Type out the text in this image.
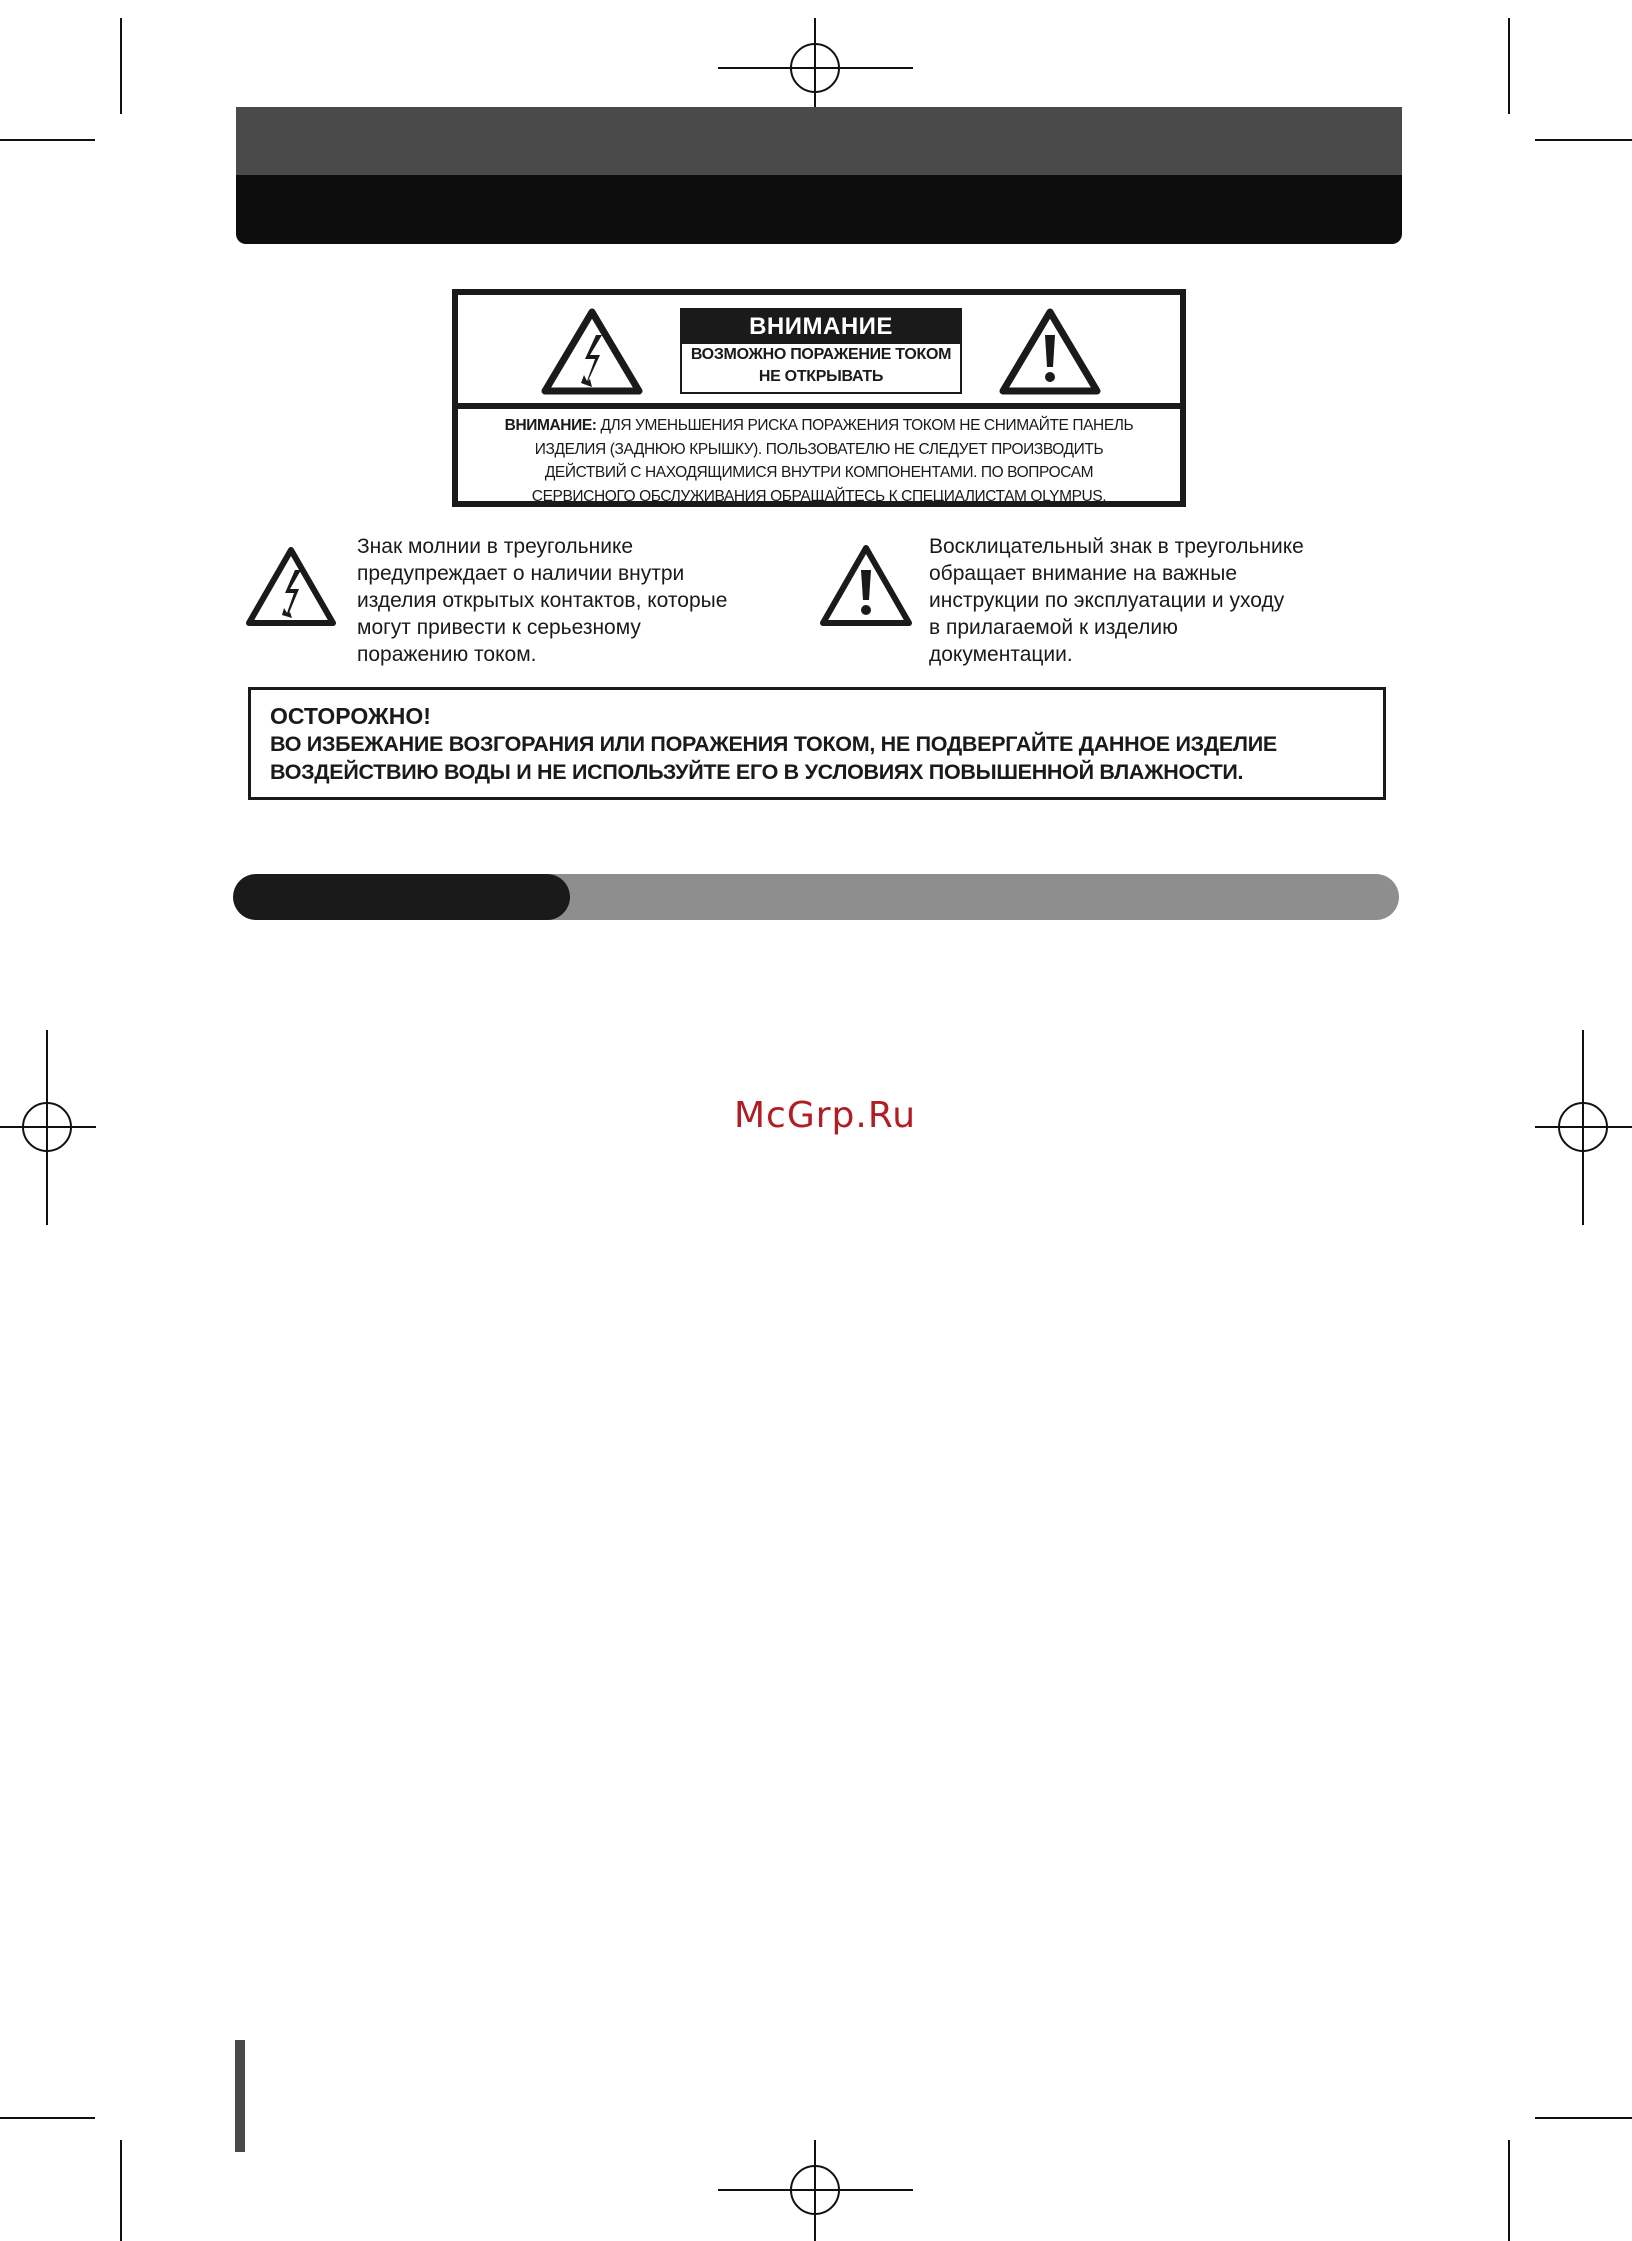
ВНИМАНИЕ
ВОЗМОЖНО ПОРАЖЕНИЕ ТОКОМ
НЕ ОТКРЫВАТЬ
ВНИМАНИЕ: ДЛЯ УМЕНЬШЕНИЯ РИСКА ПОРАЖЕНИЯ ТОКОМ НЕ СНИМАЙТЕ ПАНЕЛЬ
ИЗДЕЛИЯ (ЗАДНЮЮ КРЫШКУ). ПОЛЬЗОВАТЕЛЮ НЕ СЛЕДУЕТ ПРОИЗВОДИТЬ
ДЕЙСТВИЙ С НАХОДЯЩИМИСЯ ВНУТРИ КОМПОНЕНТАМИ. ПО ВОПРОСАМ
СЕРВИСНОГО ОБСЛУЖИВАНИЯ ОБРАЩАЙТЕСЬ К СПЕЦИАЛИСТАМ OLYMPUS.
Знак молнии в треугольнике
предупреждает о наличии внутри
изделия открытых контактов, которые
могут привести к серьезному
поражению током.
Восклицательный знак в треугольнике
обращает внимание на важные
инструкции по эксплуатации и уходу
в прилагаемой к изделию
документации.
ОСТОРОЖНО!
ВО ИЗБЕЖАНИЕ ВОЗГОРАНИЯ ИЛИ ПОРАЖЕНИЯ ТОКОМ, НЕ ПОДВЕРГАЙТЕ ДАННОЕ ИЗДЕЛИЕ
ВОЗДЕЙСТВИЮ ВОДЫ И НЕ ИСПОЛЬЗУЙТЕ ЕГО В УСЛОВИЯХ ПОВЫШЕННОЙ ВЛАЖНОСТИ.
McGrp.Ru
